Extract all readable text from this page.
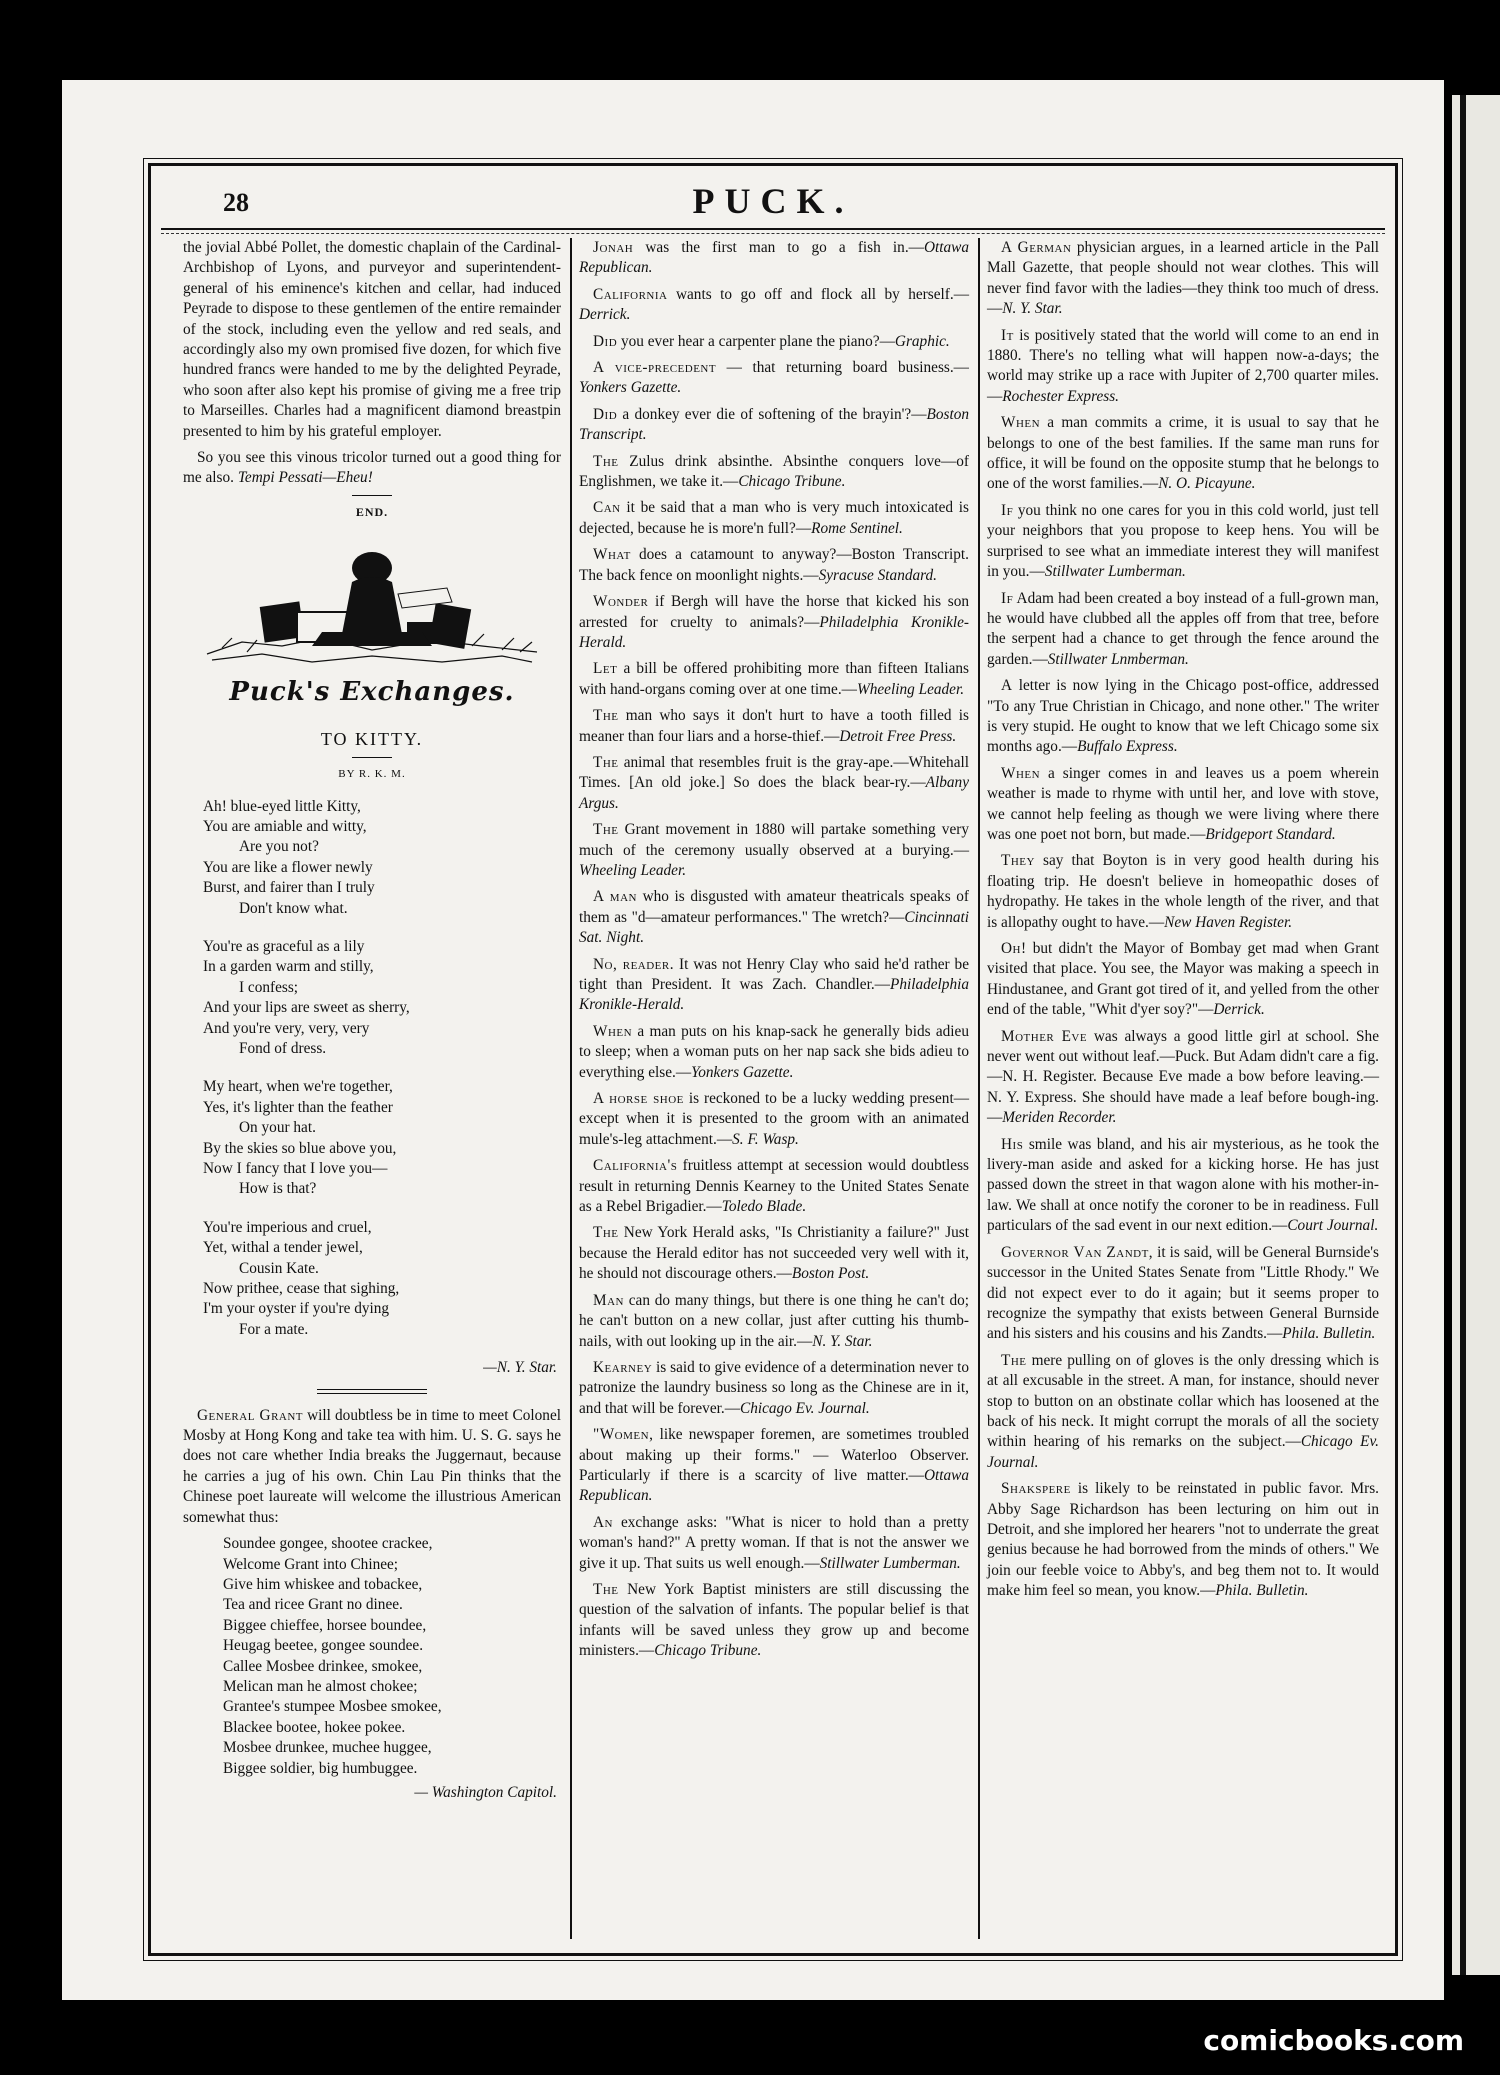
28	PUCK.

the jovial Abbé Pollet, the domestic chaplain of the Cardinal-Archbishop of Lyons, and purveyor and superintendent-general of his eminence's kitchen and cellar, had induced Peyrade to dispose to these gentlemen of the entire remainder of the stock, including even the yellow and red seals, and accordingly also my own promised five dozen, for which five hundred francs were handed to me by the delighted Peyrade, who soon after also kept his promise of giving me a free trip to Marseilles. Charles had a magnificent diamond breastpin presented to him by his grateful employer.

So you see this vinous tricolor turned out a good thing for me also. Tempi Pessati—Eheu!

END.
Puck's Exchanges.
TO KITTY.
BY R. K. M.
Ah! blue-eyed little Kitty,
You are amiable and witty,
Are you not?
You are like a flower newly
Burst, and fairer than I truly
Don't know what.
You're as graceful as a lily
In a garden warm and stilly,
I confess;
And your lips are sweet as sherry,
And you're very, very, very
Fond of dress.
My heart, when we're together,
Yes, it's lighter than the feather
On your hat.
By the skies so blue above you,
Now I fancy that I love you—
How is that?
You're imperious and cruel,
Yet, withal a tender jewel,
Cousin Kate.
Now prithee, cease that sighing,
I'm your oyster if you're dying
For a mate.
—N. Y. Star.

General Grant will doubtless be in time to meet Colonel Mosby at Hong Kong and take tea with him. U. S. G. says he does not care whether India breaks the Juggernaut, because he carries a jug of his own. Chin Lau Pin thinks that the Chinese poet laureate will welcome the illustrious American somewhat thus:

Soundee gongee, shootee crackee,
Welcome Grant into Chinee;
Give him whiskee and tobackee,
Tea and ricee Grant no dinee.
Biggee chieffee, horsee boundee,
Heugag beetee, gongee soundee.
Callee Mosbee drinkee, smokee,
Melican man he almost chokee;
Grantee's stumpee Mosbee smokee,
Blackee bootee, hokee pokee.
Mosbee drunkee, muchee huggee,
Biggee soldier, big humbuggee.
— Washington Capitol.

Jonah was the first man to go a fish in.—Ottawa Republican.

California wants to go off and flock all by herself.—Derrick.

Did you ever hear a carpenter plane the piano?—Graphic.

A vice-precedent — that returning board business.—Yonkers Gazette.

Did a donkey ever die of softening of the brayin'?—Boston Transcript.

The Zulus drink absinthe. Absinthe conquers love—of Englishmen, we take it.—Chicago Tribune.

Can it be said that a man who is very much intoxicated is dejected, because he is more'n full?—Rome Sentinel.

What does a catamount to anyway?—Boston Transcript. The back fence on moonlight nights.—Syracuse Standard.

Wonder if Bergh will have the horse that kicked his son arrested for cruelty to animals?—Philadelphia Kronikle-Herald.

Let a bill be offered prohibiting more than fifteen Italians with hand-organs coming over at one time.—Wheeling Leader.

The man who says it don't hurt to have a tooth filled is meaner than four liars and a horse-thief.—Detroit Free Press.

The animal that resembles fruit is the gray-ape.—Whitehall Times. [An old joke.] So does the black bear-ry.—Albany Argus.

The Grant movement in 1880 will partake something very much of the ceremony usually observed at a burying.—Wheeling Leader.

A man who is disgusted with amateur theatricals speaks of them as "d—amateur performances." The wretch?—Cincinnati Sat. Night.

No, reader. It was not Henry Clay who said he'd rather be tight than President. It was Zach. Chandler.—Philadelphia Kronikle-Herald.

When a man puts on his knap-sack he generally bids adieu to sleep; when a woman puts on her nap sack she bids adieu to everything else.—Yonkers Gazette.

A horse shoe is reckoned to be a lucky wedding present—except when it is presented to the groom with an animated mule's-leg attachment.—S. F. Wasp.

California's fruitless attempt at secession would doubtless result in returning Dennis Kearney to the United States Senate as a Rebel Brigadier.—Toledo Blade.

The New York Herald asks, "Is Christianity a failure?" Just because the Herald editor has not succeeded very well with it, he should not discourage others.—Boston Post.

Man can do many things, but there is one thing he can't do; he can't button on a new collar, just after cutting his thumb-nails, with out looking up in the air.—N. Y. Star.

Kearney is said to give evidence of a determination never to patronize the laundry business so long as the Chinese are in it, and that will be forever.—Chicago Ev. Journal.

"Women, like newspaper foremen, are sometimes troubled about making up their forms." — Waterloo Observer. Particularly if there is a scarcity of live matter.—Ottawa Republican.

An exchange asks: "What is nicer to hold than a pretty woman's hand?" A pretty woman. If that is not the answer we give it up. That suits us well enough.—Stillwater Lumberman.

The New York Baptist ministers are still discussing the question of the salvation of infants. The popular belief is that infants will be saved unless they grow up and become ministers.—Chicago Tribune.

A German physician argues, in a learned article in the Pall Mall Gazette, that people should not wear clothes. This will never find favor with the ladies—they think too much of dress.—N. Y. Star.

It is positively stated that the world will come to an end in 1880. There's no telling what will happen now-a-days; the world may strike up a race with Jupiter of 2,700 quarter miles.—Rochester Express.

When a man commits a crime, it is usual to say that he belongs to one of the best families. If the same man runs for office, it will be found on the opposite stump that he belongs to one of the worst families.—N. O. Picayune.

If you think no one cares for you in this cold world, just tell your neighbors that you propose to keep hens. You will be surprised to see what an immediate interest they will manifest in you.—Stillwater Lumberman.

If Adam had been created a boy instead of a full-grown man, he would have clubbed all the apples off from that tree, before the serpent had a chance to get through the fence around the garden.—Stillwater Lnmberman.

A letter is now lying in the Chicago post-office, addressed "To any True Christian in Chicago, and none other." The writer is very stupid. He ought to know that we left Chicago some six months ago.—Buffalo Express.

When a singer comes in and leaves us a poem wherein weather is made to rhyme with until her, and love with stove, we cannot help feeling as though we were living where there was one poet not born, but made.—Bridgeport Standard.

They say that Boyton is in very good health during his floating trip. He doesn't believe in homeopathic doses of hydropathy. He takes in the whole length of the river, and that is allopathy ought to have.—New Haven Register.

Oh! but didn't the Mayor of Bombay get mad when Grant visited that place. You see, the Mayor was making a speech in Hindustanee, and Grant got tired of it, and yelled from the other end of the table, "Whit d'yer soy?"—Derrick.

Mother Eve was always a good little girl at school. She never went out without leaf.—Puck. But Adam didn't care a fig.—N. H. Register. Because Eve made a bow before leaving.—N. Y. Express. She should have made a leaf before bough-ing.—Meriden Recorder.

His smile was bland, and his air mysterious, as he took the livery-man aside and asked for a kicking horse. He has just passed down the street in that wagon alone with his mother-in-law. We shall at once notify the coroner to be in readiness. Full particulars of the sad event in our next edition.—Court Journal.

Governor Van Zandt, it is said, will be General Burnside's successor in the United States Senate from "Little Rhody." We did not expect ever to do it again; but it seems proper to recognize the sympathy that exists between General Burnside and his sisters and his cousins and his Zandts.—Phila. Bulletin.

The mere pulling on of gloves is the only dressing which is at all excusable in the street. A man, for instance, should never stop to button on an obstinate collar which has loosened at the back of his neck. It might corrupt the morals of all the society within hearing of his remarks on the subject.—Chicago Ev. Journal.

Shakspere is likely to be reinstated in public favor. Mrs. Abby Sage Richardson has been lecturing on him out in Detroit, and she implored her hearers "not to underrate the great genius because he had borrowed from the minds of others." We join our feeble voice to Abby's, and beg them not to. It would make him feel so mean, you know.—Phila. Bulletin.

comicbooks.com
